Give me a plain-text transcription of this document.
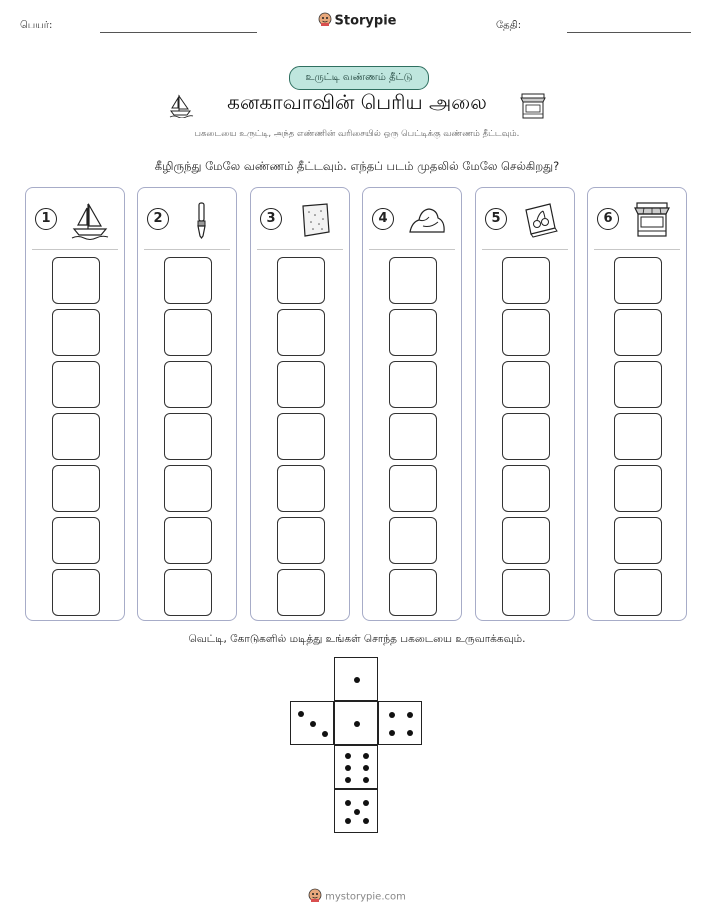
பெயர்:	Storypie	தேதி:
உருட்டி வண்ணம் தீட்டு
கனகாவாவின் பெரிய அலை
பகடையை உருட்டி, அந்த எண்ணின் வரிசையில் ஒரு பெட்டிக்கு வண்ணம் தீட்டவும்.
கீழிருந்து மேலே வண்ணம் தீட்டவும். எந்தப் படம் முதலில் மேலே செல்கிறது?
1	2	3	4	5	6
வெட்டி, கோடுகளில் மடித்து உங்கள் சொந்த பகடையை உருவாக்கவும்.
mystorypie.com
